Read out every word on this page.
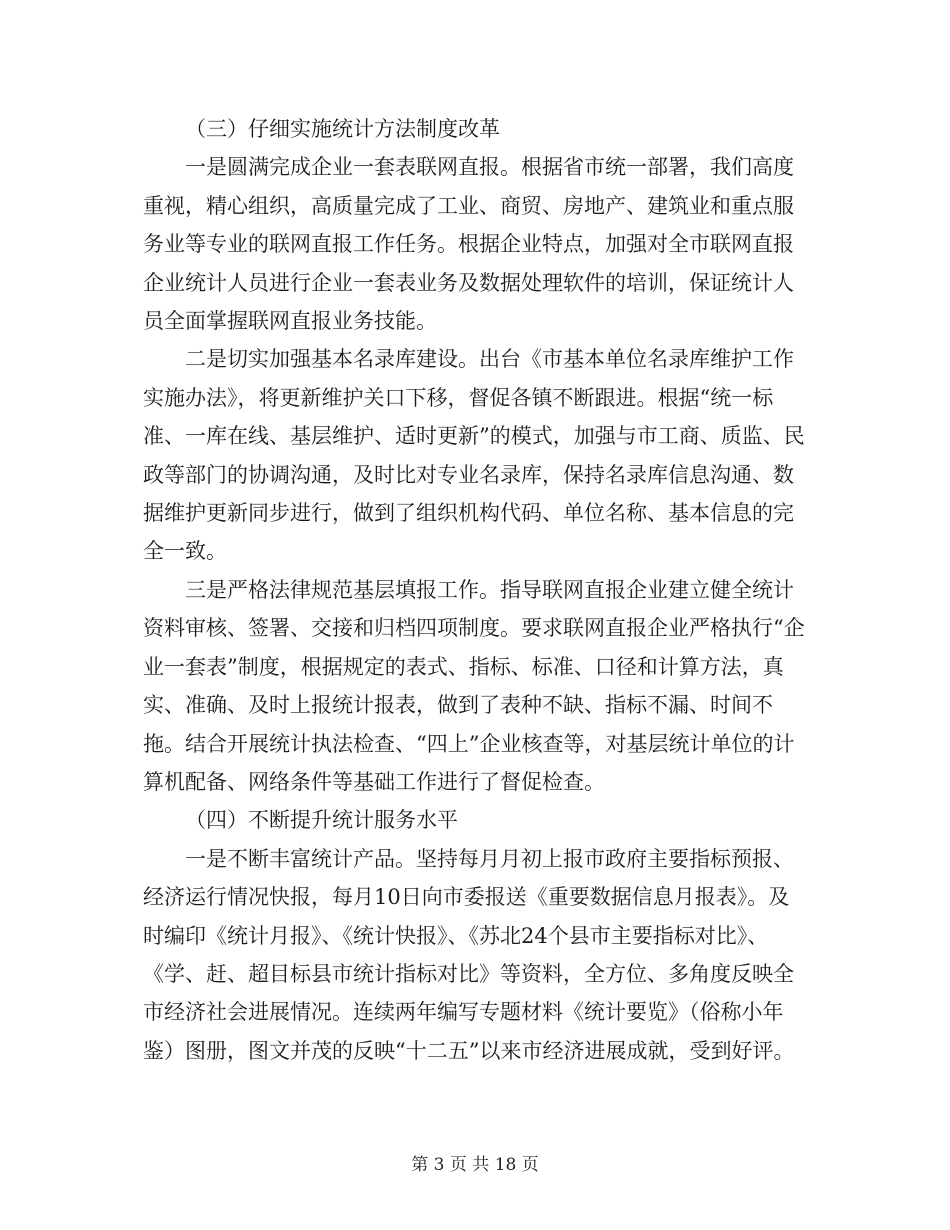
（三）仔细实施统计方法制度改革

一是圆满完成企业一套表联网直报。根据省市统一部署，我们高度重视，精心组织，高质量完成了工业、商贸、房地产、建筑业和重点服务业等专业的联网直报工作任务。根据企业特点，加强对全市联网直报企业统计人员进行企业一套表业务及数据处理软件的培训，保证统计人员全面掌握联网直报业务技能。

二是切实加强基本名录库建设。出台《市基本单位名录库维护工作实施办法》，将更新维护关口下移，督促各镇不断跟进。根据“统一标准、一库在线、基层维护、适时更新”的模式，加强与市工商、质监、民政等部门的协调沟通，及时比对专业名录库，保持名录库信息沟通、数据维护更新同步进行，做到了组织机构代码、单位名称、基本信息的完全一致。

三是严格法律规范基层填报工作。指导联网直报企业建立健全统计资料审核、签署、交接和归档四项制度。要求联网直报企业严格执行“企业一套表”制度，根据规定的表式、指标、标准、口径和计算方法，真实、准确、及时上报统计报表，做到了表种不缺、指标不漏、时间不拖。结合开展统计执法检查、“四上”企业核查等，对基层统计单位的计算机配备、网络条件等基础工作进行了督促检查。

（四）不断提升统计服务水平

一是不断丰富统计产品。坚持每月月初上报市政府主要指标预报、经济运行情况快报，每月10日向市委报送《重要数据信息月报表》。及时编印《统计月报》、《统计快报》、《苏北24个县市主要指标对比》、《学、赶、超目标县市统计指标对比》等资料，全方位、多角度反映全市经济社会进展情况。连续两年编写专题材料《统计要览》（俗称小年鉴）图册，图文并茂的反映“十二五”以来市经济进展成就，受到好评。

第 3 页 共 18 页
